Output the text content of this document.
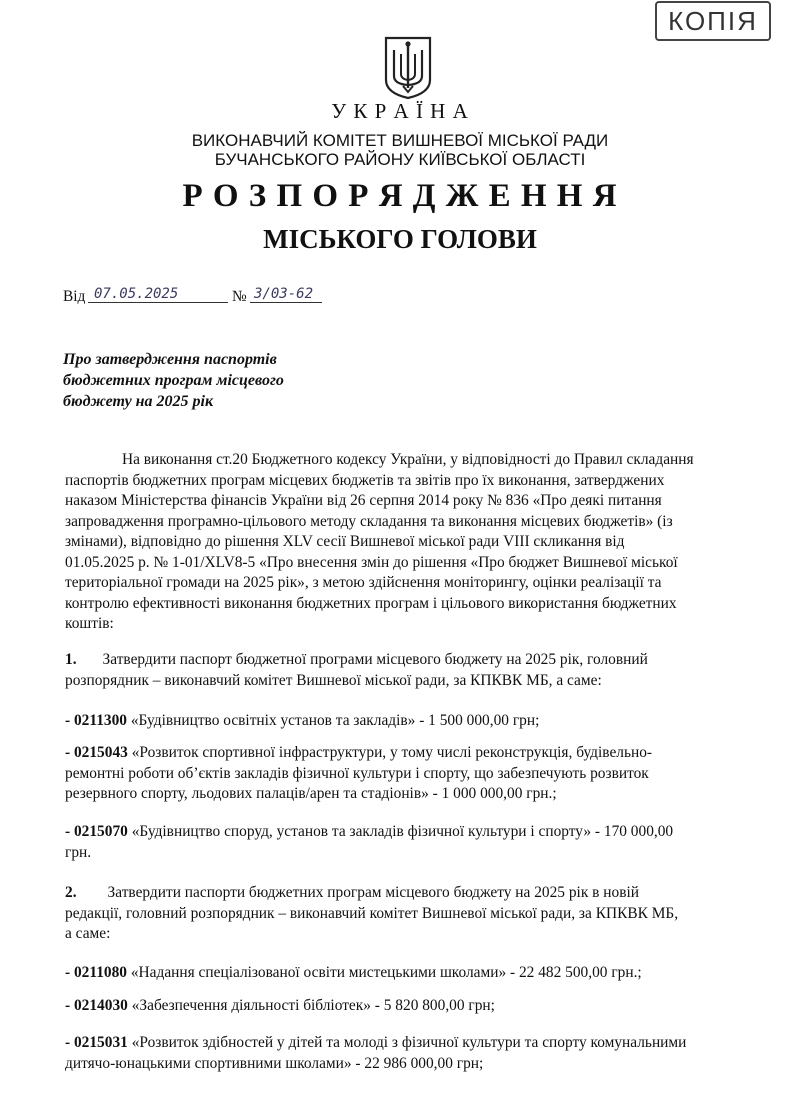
КОПІЯ
У К Р А Ї Н А
ВИКОНАВЧИЙ КОМІТЕТ ВИШНЕВОЇ МІСЬКОЇ РАДИ
БУЧАНСЬКОГО РАЙОНУ КИЇВСЬКОЇ ОБЛАСТІ
Р О З П О Р Я Д Ж Е Н Н Я
МІСЬКОГО ГОЛОВИ
Від 07.05.2025	№ 3/03-62
Про затвердження паспортів
бюджетних програм місцевого
бюджету на 2025 рік
На виконання ст.20 Бюджетного кодексу України, у відповідності до Правил складання
паспортів бюджетних програм місцевих бюджетів та звітів про їх виконання, затверджених
наказом Міністерства фінансів України від 26 серпня 2014 року № 836 «Про деякі питання
запровадження програмно-цільового методу складання та виконання місцевих бюджетів» (із
змінами), відповідно до рішення XLV сесії Вишневої міської ради VIII скликання від
01.05.2025 р. № 1-01/XLV8-5 «Про внесення змін до рішення «Про бюджет Вишневої міської
територіальної громади на 2025 рік», з метою здійснення моніторингу, оцінки реалізації та
контролю ефективності виконання бюджетних програм і цільового використання бюджетних
коштів:
1. Затвердити паспорт бюджетної програми місцевого бюджету на 2025 рік, головний
розпорядник – виконавчий комітет Вишневої міської ради, за КПКВК МБ, а саме:
- 0211300 «Будівництво освітніх установ та закладів» - 1 500 000,00 грн;
- 0215043 «Розвиток спортивної інфраструктури, у тому числі реконструкція, будівельно-
ремонтні роботи об’єктів закладів фізичної культури і спорту, що забезпечують розвиток
резервного спорту, льодових палаців/арен та стадіонів» - 1 000 000,00 грн.;
- 0215070 «Будівництво споруд, установ та закладів фізичної культури і спорту» - 170 000,00
грн.
2. Затвердити паспорти бюджетних програм місцевого бюджету на 2025 рік в новій
редакції, головний розпорядник – виконавчий комітет Вишневої міської ради, за КПКВК МБ,
а саме:
- 0211080 «Надання спеціалізованої освіти мистецькими школами» - 22 482 500,00 грн.;
- 0214030 «Забезпечення діяльності бібліотек» - 5 820 800,00 грн;
- 0215031 «Розвиток здібностей у дітей та молоді з фізичної культури та спорту комунальними
дитячо-юнацькими спортивними школами» - 22 986 000,00 грн;
